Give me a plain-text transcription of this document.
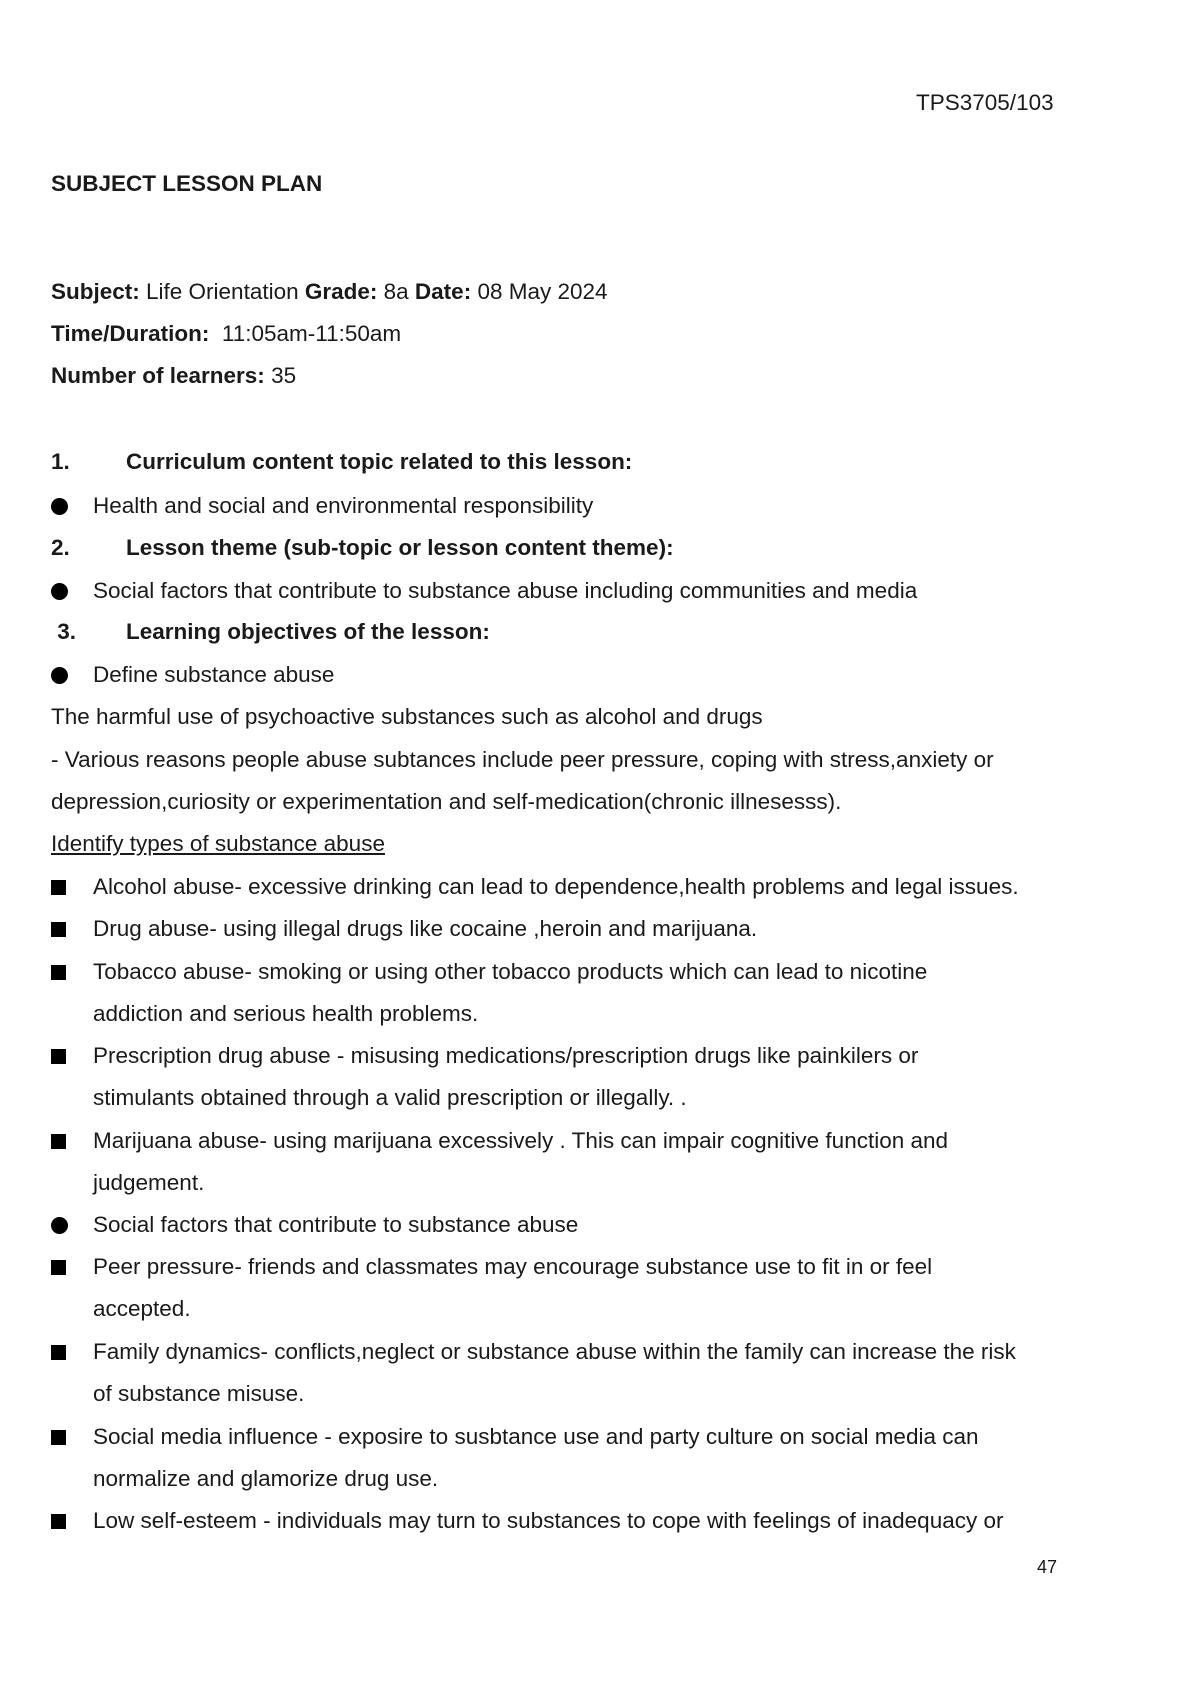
TPS3705/103
SUBJECT LESSON PLAN
Subject: Life Orientation Grade: 8a Date: 08 May 2024
Time/Duration:  11:05am-11:50am
Number of learners: 35
1. Curriculum content topic related to this lesson:
Health and social and environmental responsibility
2. Lesson theme (sub-topic or lesson content theme):
Social factors that contribute to substance abuse including communities and media
3. Learning objectives of the lesson:
Define substance abuse
The harmful use of psychoactive substances such as alcohol and drugs
- Various reasons people abuse subtances include peer pressure, coping with stress,anxiety or
depression,curiosity or experimentation and self-medication(chronic illnesesss).
Identify types of substance abuse
Alcohol abuse- excessive drinking can lead to dependence,health problems and legal issues.
Drug abuse- using illegal drugs like cocaine ,heroin and marijuana.
Tobacco abuse- smoking or using other tobacco products which can lead to nicotine
addiction and serious health problems.
Prescription drug abuse - misusing medications/prescription drugs like painkilers or
stimulants obtained through a valid prescription or illegally. .
Marijuana abuse- using marijuana excessively . This can impair cognitive function and
judgement.
Social factors that contribute to substance abuse
Peer pressure- friends and classmates may encourage substance use to fit in or feel
accepted.
Family dynamics- conflicts,neglect or substance abuse within the family can increase the risk
of substance misuse.
Social media influence - exposire to susbtance use and party culture on social media can
normalize and glamorize drug use.
Low self-esteem - individuals may turn to substances to cope with feelings of inadequacy or
47
